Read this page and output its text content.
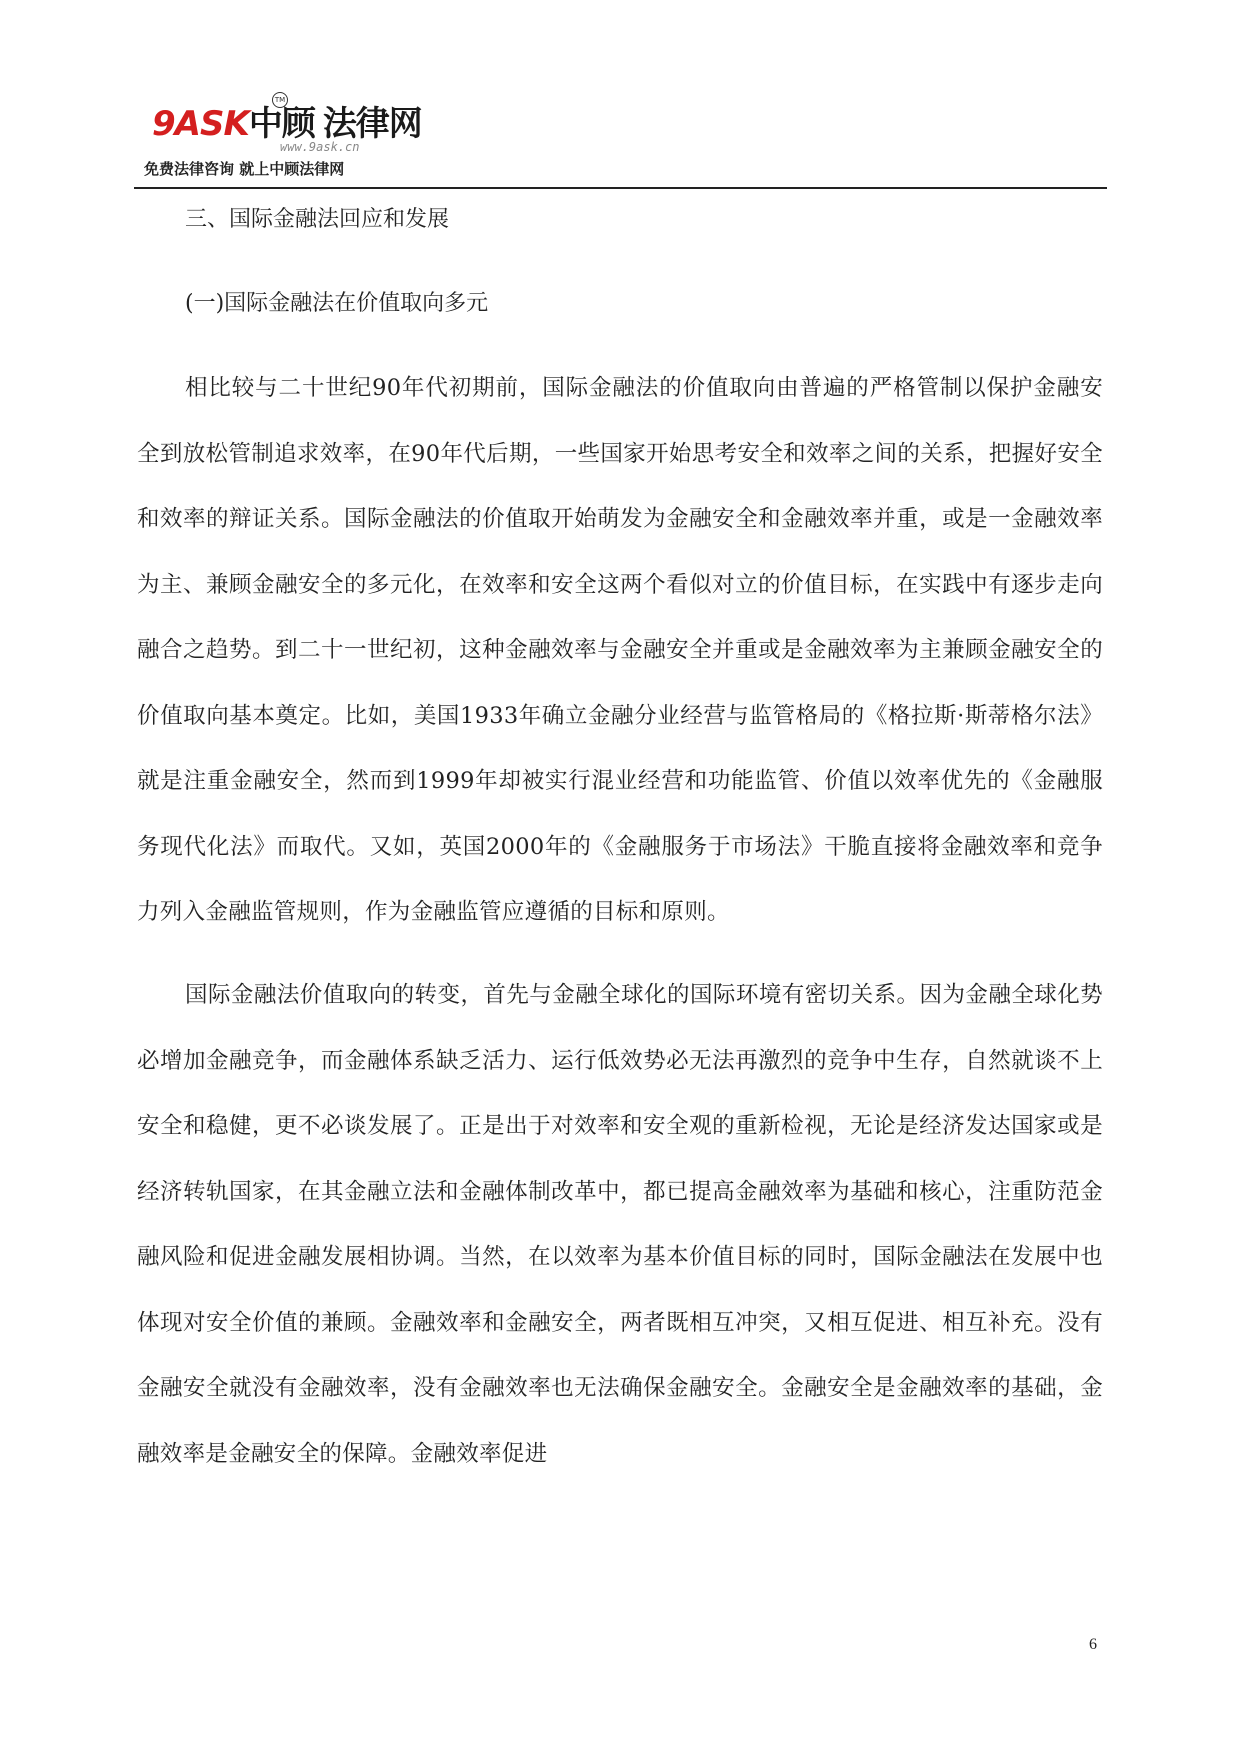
TM
9ASK中顾 法律网
www.9ask.cn
免费法律咨询 就上中顾法律网
三、国际金融法回应和发展
(一)国际金融法在价值取向多元

相比较与二十世纪90年代初期前，国际金融法的价值取向由普遍的严格管制以保护金融安全到放松管制追求效率，在90年代后期，一些国家开始思考安全和效率之间的关系，把握好安全和效率的辩证关系。国际金融法的价值取开始萌发为金融安全和金融效率并重，或是一金融效率为主、兼顾金融安全的多元化，在效率和安全这两个看似对立的价值目标，在实践中有逐步走向融合之趋势。到二十一世纪初，这种金融效率与金融安全并重或是金融效率为主兼顾金融安全的价值取向基本奠定。比如，美国1933年确立金融分业经营与监管格局的《格拉斯·斯蒂格尔法》就是注重金融安全，然而到1999年却被实行混业经营和功能监管、价值以效率优先的《金融服务现代化法》而取代。又如，英国2000年的《金融服务于市场法》干脆直接将金融效率和竞争力列入金融监管规则，作为金融监管应遵循的目标和原则。

国际金融法价值取向的转变，首先与金融全球化的国际环境有密切关系。因为金融全球化势必增加金融竞争，而金融体系缺乏活力、运行低效势必无法再激烈的竞争中生存，自然就谈不上安全和稳健，更不必谈发展了。正是出于对效率和安全观的重新检视，无论是经济发达国家或是经济转轨国家，在其金融立法和金融体制改革中，都已提高金融效率为基础和核心，注重防范金融风险和促进金融发展相协调。当然，在以效率为基本价值目标的同时，国际金融法在发展中也体现对安全价值的兼顾。金融效率和金融安全，两者既相互冲突，又相互促进、相互补充。没有金融安全就没有金融效率，没有金融效率也无法确保金融安全。金融安全是金融效率的基础，金融效率是金融安全的保障。金融效率促进

6
